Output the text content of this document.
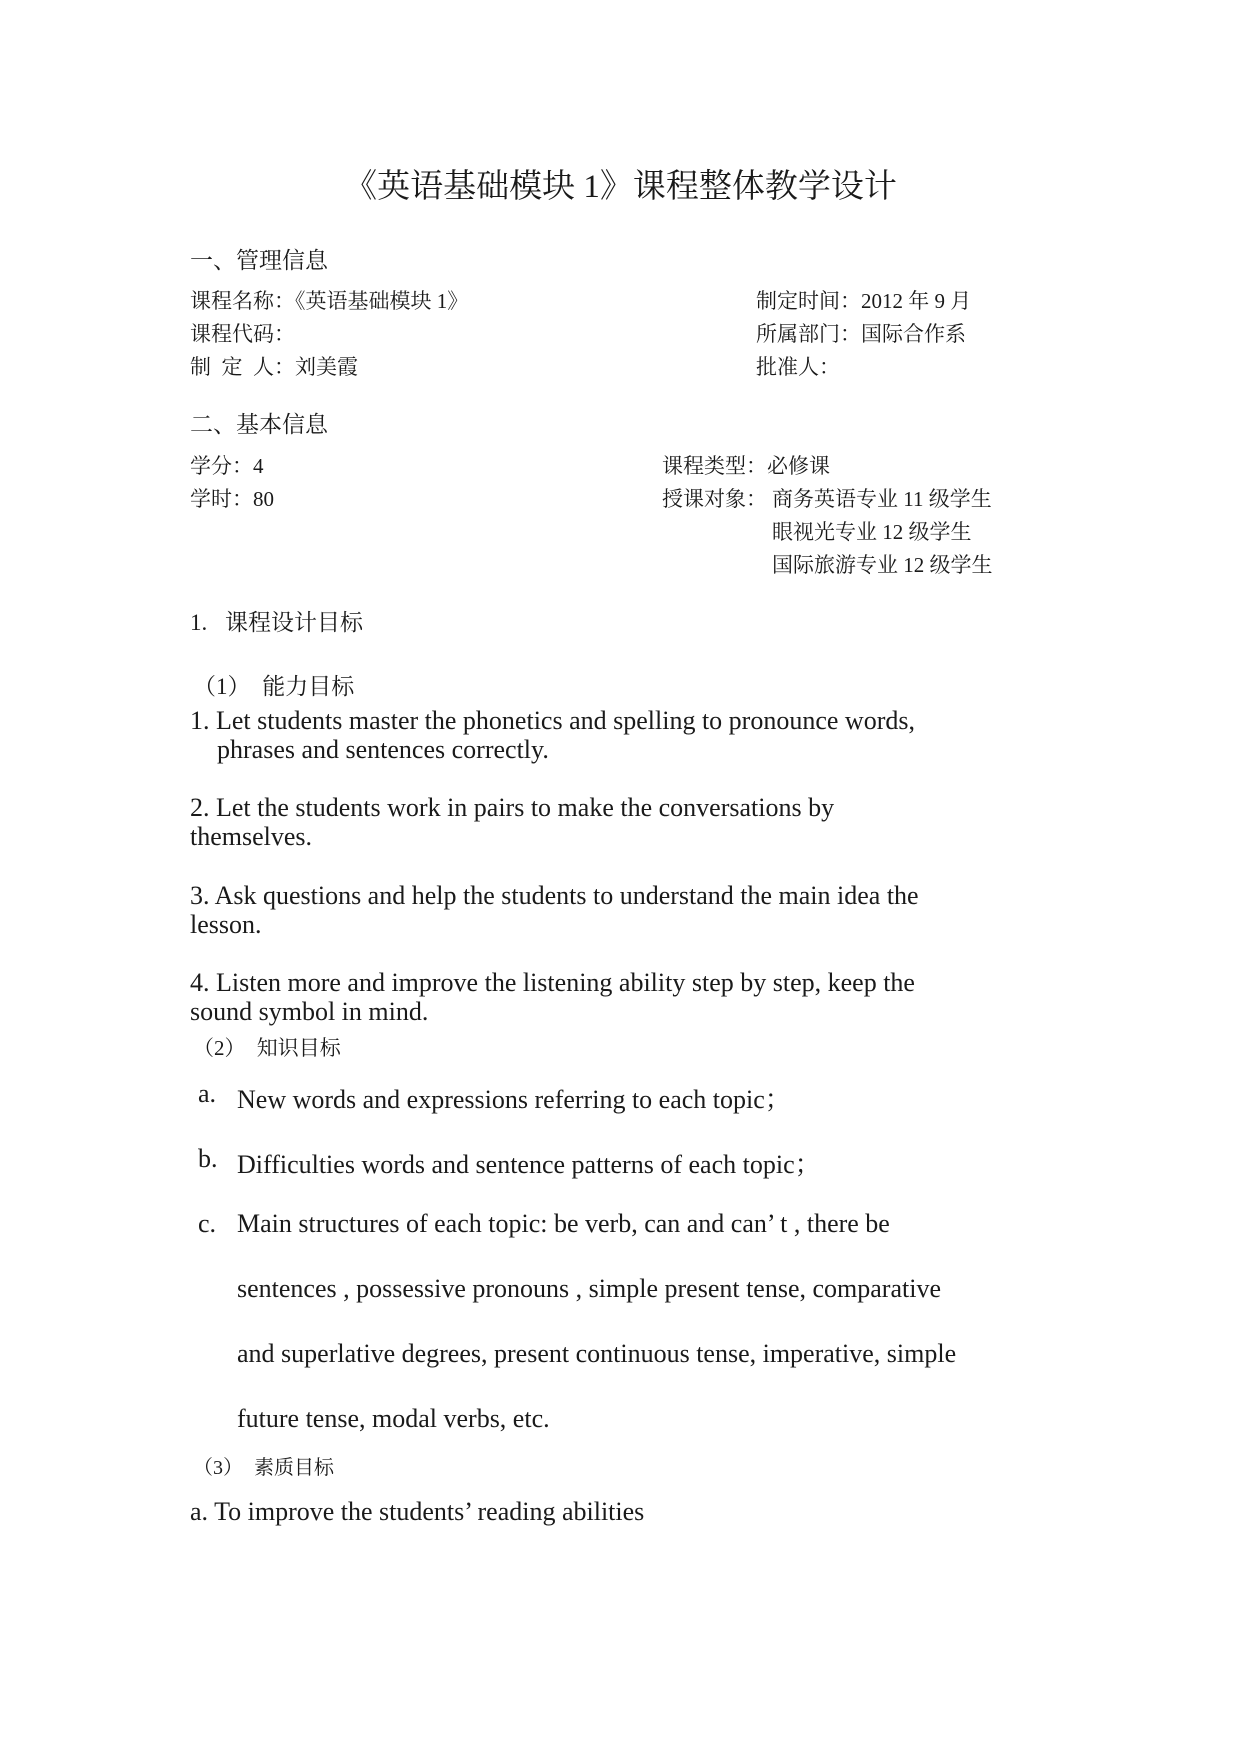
《英语基础模块 1》课程整体教学设计
一、管理信息
课程名称：《英语基础模块 1》	制定时间：2012 年 9 月
课程代码：	所属部门：国际合作系
制  定  人：刘美霞	批准人：
二、基本信息
学分：4	课程类型：必修课
学时：80	授课对象： 商务英语专业 11 级学生
眼视光专业 12 级学生
国际旅游专业 12 级学生
1. 课程设计目标
（1） 能力目标
1. Let students master the phonetics and spelling to pronounce words,
phrases and sentences correctly.
2. Let the students work in pairs to make the conversations by
themselves.
3. Ask questions and help the students to understand the main idea the
lesson.
4. Listen more and improve the listening ability step by step, keep the
sound symbol in mind.
（2） 知识目标
a. New words and expressions referring to each topic；
b. Difficulties words and sentence patterns of each topic；
c. Main structures of each topic: be verb, can and can’ t , there be
sentences , possessive pronouns , simple present tense, comparative
and superlative degrees, present continuous tense, imperative, simple
future tense, modal verbs, etc.
（3） 素质目标
a. To improve the students’ reading abilities
